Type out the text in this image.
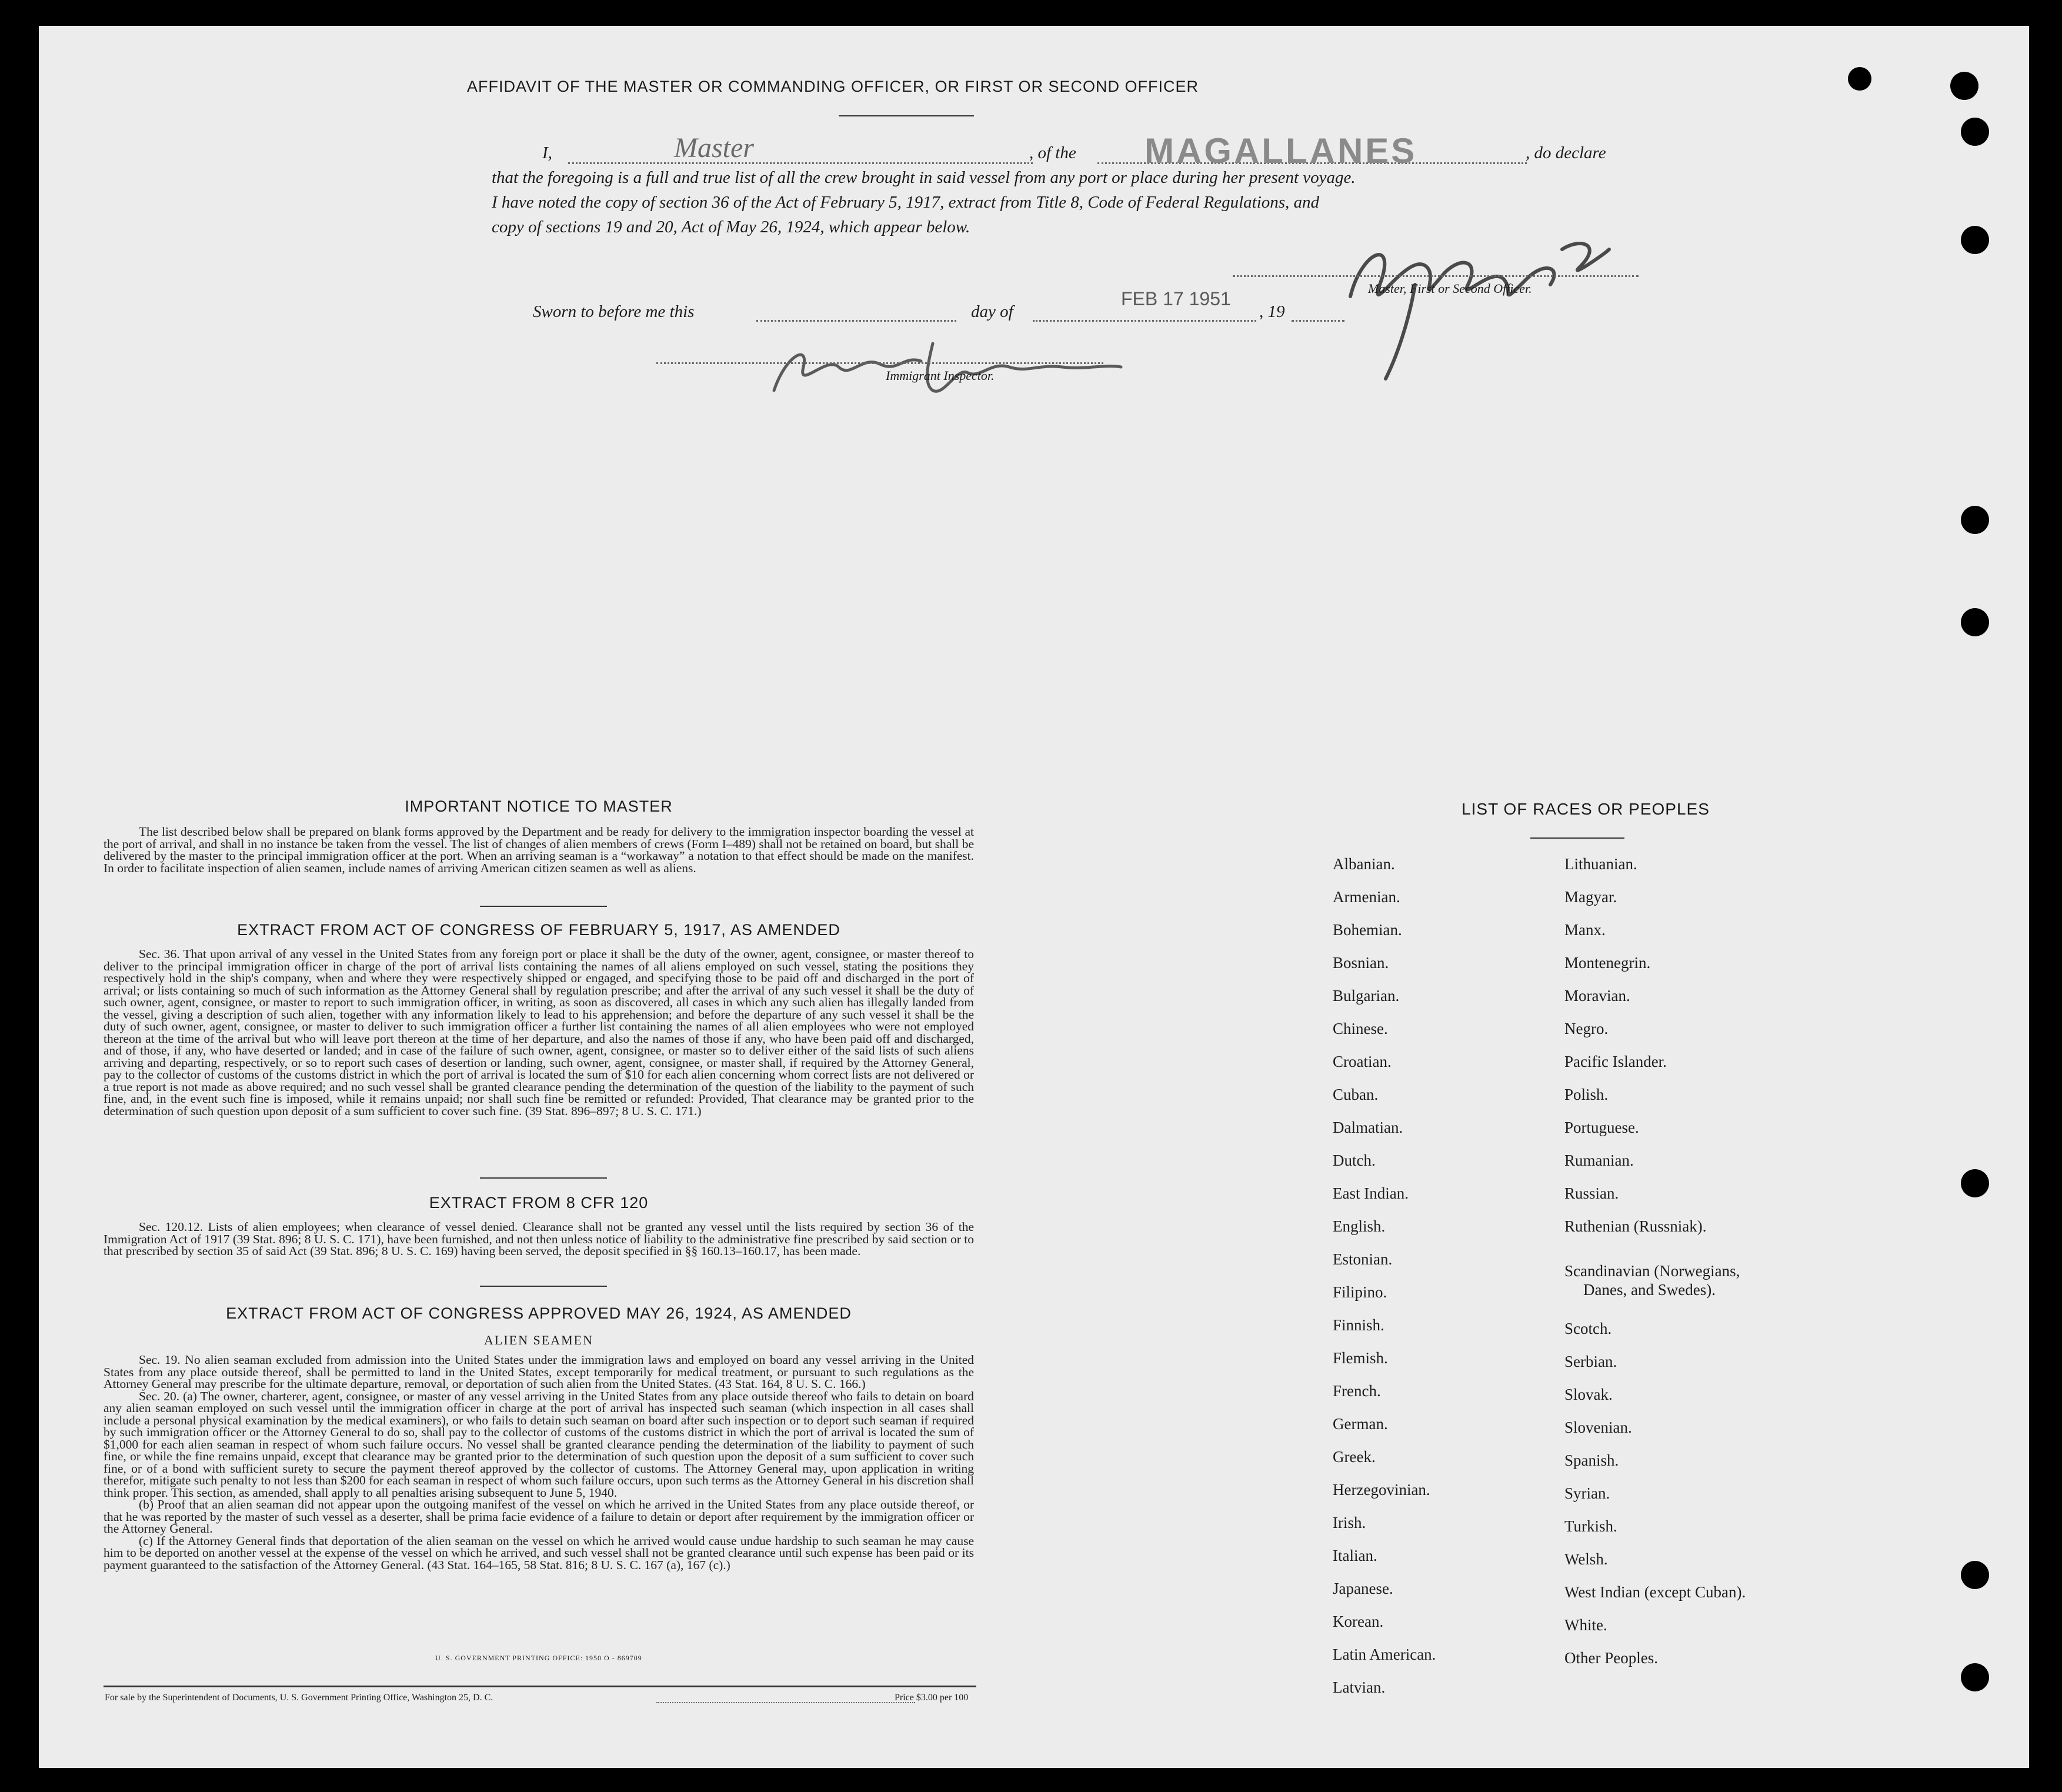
AFFIDAVIT OF THE MASTER OR COMMANDING OFFICER, OR FIRST OR SECOND OFFICER
I,	Master	, of the MAGALLANES	, do declare
that the foregoing is a full and true list of all the crew brought in said vessel from any port or place during her present voyage.
I have noted the copy of section 36 of the Act of February 5, 1917, extract from Title 8, Code of Federal Regulations, and
copy of sections 19 and 20, Act of May 26, 1924, which appear below.
Master, First or Second Officer.
Sworn to before me this	day of
FEB 17 1951
, 19
Immigrant Inspector.
IMPORTANT NOTICE TO MASTER

The list described below shall be prepared on blank forms approved by the Department and be ready for delivery to the immigration inspector boarding the vessel at the port of arrival, and shall in no instance be taken from the vessel. The list of changes of alien members of crews (Form I–489) shall not be retained on board, but shall be delivered by the master to the principal immigration officer at the port. When an arriving seaman is a “workaway” a notation to that effect should be made on the manifest. In order to facilitate inspection of alien seamen, include names of arriving American citizen seamen as well as aliens.

EXTRACT FROM ACT OF CONGRESS OF FEBRUARY 5, 1917, AS AMENDED

Sec. 36. That upon arrival of any vessel in the United States from any foreign port or place it shall be the duty of the owner, agent, consignee, or master thereof to deliver to the principal immigration officer in charge of the port of arrival lists containing the names of all aliens employed on such vessel, stating the positions they respectively hold in the ship's company, when and where they were respectively shipped or engaged, and specifying those to be paid off and discharged in the port of arrival; or lists containing so much of such information as the Attorney General shall by regulation prescribe; and after the arrival of any such vessel it shall be the duty of such owner, agent, consignee, or master to report to such immigration officer, in writing, as soon as discovered, all cases in which any such alien has illegally landed from the vessel, giving a description of such alien, together with any information likely to lead to his apprehension; and before the departure of any such vessel it shall be the duty of such owner, agent, consignee, or master to deliver to such immigration officer a further list containing the names of all alien employees who were not employed thereon at the time of the arrival but who will leave port thereon at the time of her departure, and also the names of those if any, who have been paid off and discharged, and of those, if any, who have deserted or landed; and in case of the failure of such owner, agent, consignee, or master so to deliver either of the said lists of such aliens arriving and departing, respectively, or so to report such cases of desertion or landing, such owner, agent, consignee, or master shall, if required by the Attorney General, pay to the collector of customs of the customs district in which the port of arrival is located the sum of $10 for each alien concerning whom correct lists are not delivered or a true report is not made as above required; and no such vessel shall be granted clearance pending the determination of the question of the liability to the payment of such fine, and, in the event such fine is imposed, while it remains unpaid; nor shall such fine be remitted or refunded: Provided, That clearance may be granted prior to the determination of such question upon deposit of a sum sufficient to cover such fine. (39 Stat. 896–897; 8 U. S. C. 171.)

EXTRACT FROM 8 CFR 120

Sec. 120.12. Lists of alien employees; when clearance of vessel denied. Clearance shall not be granted any vessel until the lists required by section 36 of the Immigration Act of 1917 (39 Stat. 896; 8 U. S. C. 171), have been furnished, and not then unless notice of liability to the administrative fine prescribed by said section or to that prescribed by section 35 of said Act (39 Stat. 896; 8 U. S. C. 169) having been served, the deposit specified in §§ 160.13–160.17, has been made.

EXTRACT FROM ACT OF CONGRESS APPROVED MAY 26, 1924, AS AMENDED
ALIEN SEAMEN

Sec. 19. No alien seaman excluded from admission into the United States under the immigration laws and employed on board any vessel arriving in the United States from any place outside thereof, shall be permitted to land in the United States, except temporarily for medical treatment, or pursuant to such regulations as the Attorney General may prescribe for the ultimate departure, removal, or deportation of such alien from the United States. (43 Stat. 164, 8 U. S. C. 166.)

Sec. 20. (a) The owner, charterer, agent, consignee, or master of any vessel arriving in the United States from any place outside thereof who fails to detain on board any alien seaman employed on such vessel until the immigration officer in charge at the port of arrival has inspected such seaman (which inspection in all cases shall include a personal physical examination by the medical examiners), or who fails to detain such seaman on board after such inspection or to deport such seaman if required by such immigration officer or the Attorney General to do so, shall pay to the collector of customs of the customs district in which the port of arrival is located the sum of $1,000 for each alien seaman in respect of whom such failure occurs. No vessel shall be granted clearance pending the determination of the liability to payment of such fine, or while the fine remains unpaid, except that clearance may be granted prior to the determination of such question upon the deposit of a sum sufficient to cover such fine, or of a bond with sufficient surety to secure the payment thereof approved by the collector of customs. The Attorney General may, upon application in writing therefor, mitigate such penalty to not less than $200 for each seaman in respect of whom such failure occurs, upon such terms as the Attorney General in his discretion shall think proper. This section, as amended, shall apply to all penalties arising subsequent to June 5, 1940.

(b) Proof that an alien seaman did not appear upon the outgoing manifest of the vessel on which he arrived in the United States from any place outside thereof, or that he was reported by the master of such vessel as a deserter, shall be prima facie evidence of a failure to detain or deport after requirement by the immigration officer or the Attorney General.

(c) If the Attorney General finds that deportation of the alien seaman on the vessel on which he arrived would cause undue hardship to such seaman he may cause him to be deported on another vessel at the expense of the vessel on which he arrived, and such vessel shall not be granted clearance until such expense has been paid or its payment guaranteed to the satisfaction of the Attorney General. (43 Stat. 164–165, 58 Stat. 816; 8 U. S. C. 167 (a), 167 (c).)

U. S. GOVERNMENT PRINTING OFFICE: 1950 O - 869709
For sale by the Superintendent of Documents, U. S. Government Printing Office, Washington 25, D. C.	Price $3.00 per 100
LIST OF RACES OR PEOPLES
Albanian.
Armenian.
Bohemian.
Bosnian.
Bulgarian.
Chinese.
Croatian.
Cuban.
Dalmatian.
Dutch.
East Indian.
English.
Estonian.
Filipino.
Finnish.
Flemish.
French.
German.
Greek.
Herzegovinian.
Irish.
Italian.
Japanese.
Korean.
Latin American.
Latvian.
Lithuanian.
Magyar.
Manx.
Montenegrin.
Moravian.
Negro.
Pacific Islander.
Polish.
Portuguese.
Rumanian.
Russian.
Ruthenian (Russniak).
Scandinavian (Norwegians,
Danes, and Swedes).
Scotch.
Serbian.
Slovak.
Slovenian.
Spanish.
Syrian.
Turkish.
Welsh.
West Indian (except Cuban).
White.
Other Peoples.
